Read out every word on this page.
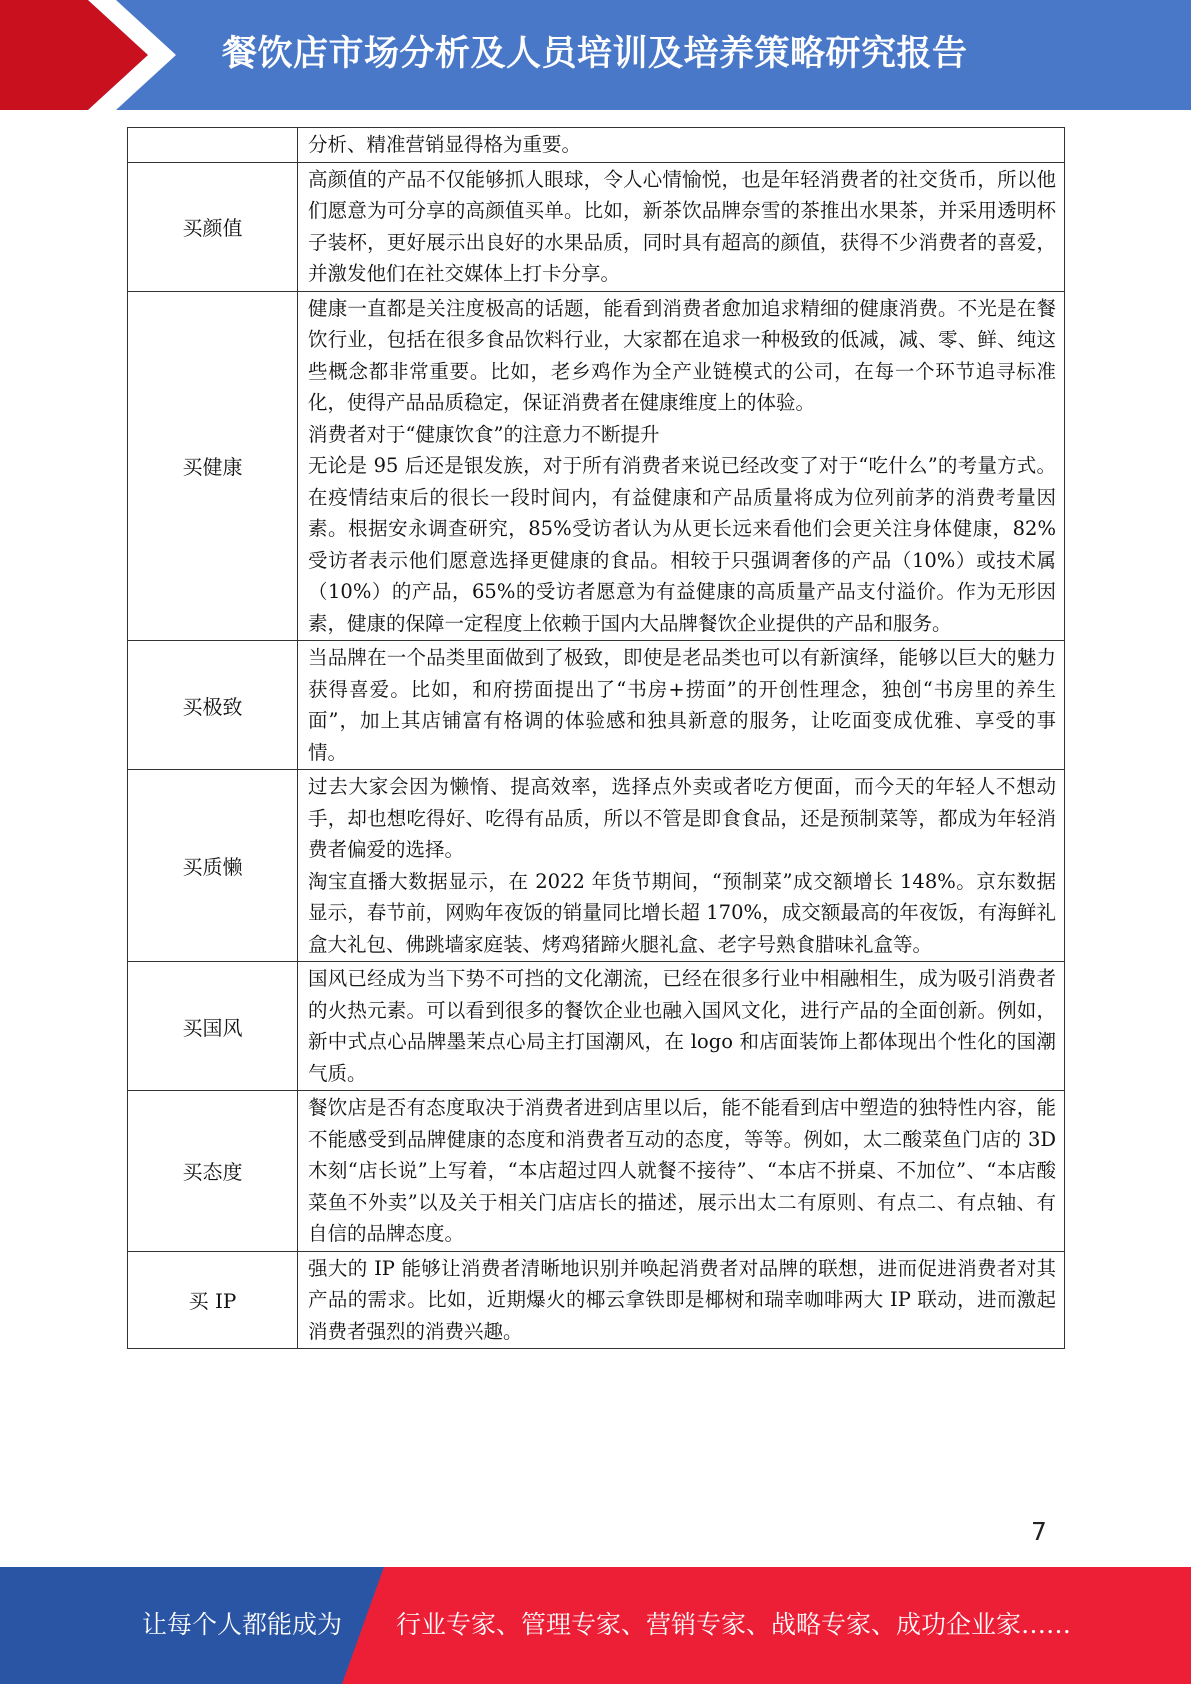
餐饮店市场分析及人员培训及培养策略研究报告

	分析、精准营销显得格为重要。

买颜值	高颜值的产品不仅能够抓人眼球，令人心情愉悦，也是年轻消费者的社交货币，所以他们愿意为可分享的高颜值买单。比如，新茶饮品牌奈雪的茶推出水果茶，并采用透明杯子装杯，更好展示出良好的水果品质，同时具有超高的颜值，获得不少消费者的喜爱，并激发他们在社交媒体上打卡分享。

买健康	健康一直都是关注度极高的话题，能看到消费者愈加追求精细的健康消费。不光是在餐饮行业，包括在很多食品饮料行业，大家都在追求一种极致的低减，减、零、鲜、纯这些概念都非常重要。比如，老乡鸡作为全产业链模式的公司，在每一个环节追寻标准化，使得产品品质稳定，保证消费者在健康维度上的体验。
消费者对于“健康饮食”的注意力不断提升
无论是 95 后还是银发族，对于所有消费者来说已经改变了对于“吃什么”的考量方式。在疫情结束后的很长一段时间内，有益健康和产品质量将成为位列前茅的消费考量因素。根据安永调查研究，85%受访者认为从更长远来看他们会更关注身体健康，82%受访者表示他们愿意选择更健康的食品。相较于只强调奢侈的产品（10%）或技术属（10%）的产品，65%的受访者愿意为有益健康的高质量产品支付溢价。作为无形因素，健康的保障一定程度上依赖于国内大品牌餐饮企业提供的产品和服务。

买极致	当品牌在一个品类里面做到了极致，即使是老品类也可以有新演绎，能够以巨大的魅力获得喜爱。比如，和府捞面提出了“书房+捞面”的开创性理念，独创“书房里的养生面”，加上其店铺富有格调的体验感和独具新意的服务，让吃面变成优雅、享受的事情。

买质懒	过去大家会因为懒惰、提高效率，选择点外卖或者吃方便面，而今天的年轻人不想动手，却也想吃得好、吃得有品质，所以不管是即食食品，还是预制菜等，都成为年轻消费者偏爱的选择。
淘宝直播大数据显示，在 2022 年货节期间，“预制菜”成交额增长 148%。京东数据显示，春节前，网购年夜饭的销量同比增长超 170%，成交额最高的年夜饭，有海鲜礼盒大礼包、佛跳墙家庭装、烤鸡猪蹄火腿礼盒、老字号熟食腊味礼盒等。

买国风	国风已经成为当下势不可挡的文化潮流，已经在很多行业中相融相生，成为吸引消费者的火热元素。可以看到很多的餐饮企业也融入国风文化，进行产品的全面创新。例如，新中式点心品牌墨茉点心局主打国潮风，在 logo 和店面装饰上都体现出个性化的国潮气质。

买态度	餐饮店是否有态度取决于消费者进到店里以后，能不能看到店中塑造的独特性内容，能不能感受到品牌健康的态度和消费者互动的态度，等等。例如，太二酸菜鱼门店的 3D 木刻“店长说”上写着，“本店超过四人就餐不接待”、“本店不拼桌、不加位”、“本店酸菜鱼不外卖”以及关于相关门店店长的描述，展示出太二有原则、有点二、有点轴、有自信的品牌态度。

买 IP	强大的 IP 能够让消费者清晰地识别并唤起消费者对品牌的联想，进而促进消费者对其产品的需求。比如，近期爆火的椰云拿铁即是椰树和瑞幸咖啡两大 IP 联动，进而激起消费者强烈的消费兴趣。
7
让每个人都能成为 行业专家、管理专家、营销专家、战略专家、成功企业家……
